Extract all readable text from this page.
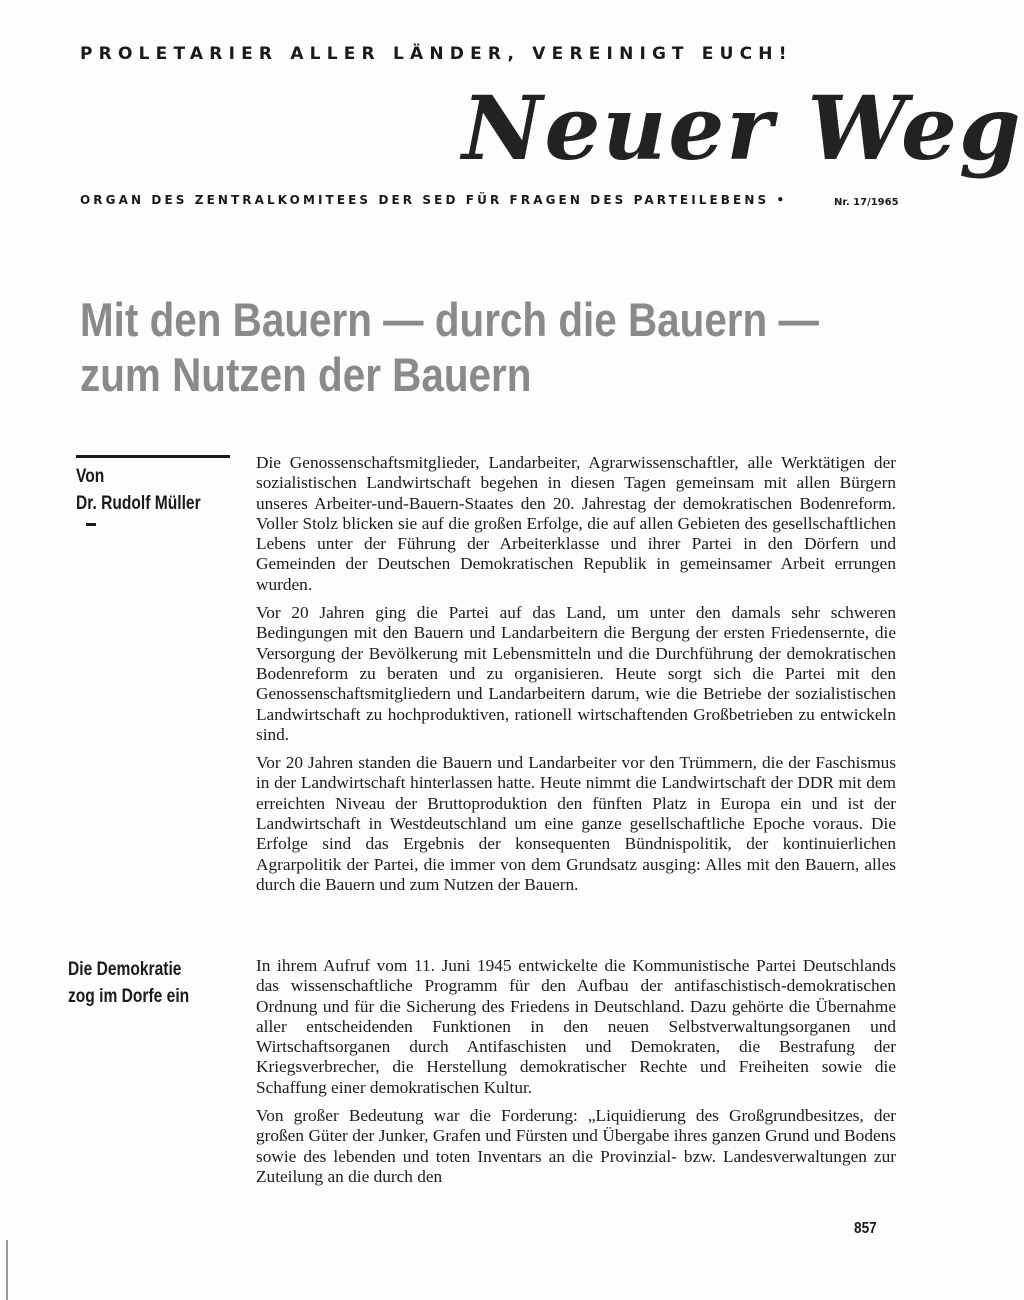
PROLETARIER ALLER LÄNDER, VEREINIGT EUCH!
Neuer Weg
ORGAN DES ZENTRALKOMITEES DER SED FÜR FRAGEN DES PARTEILEBENS •	Nr. 17/1965
Mit den Bauern — durch die Bauern —
zum Nutzen der Bauern
Von
Dr. Rudolf Müller

Die Genossenschaftsmitglieder, Landarbeiter, Agrarwissenschaftler, alle Werktätigen der sozialistischen Landwirtschaft begehen in diesen Tagen gemeinsam mit allen Bürgern unseres Arbeiter-und-Bauern-Staates den 20. Jahrestag der demokratischen Bodenreform. Voller Stolz blicken sie auf die großen Erfolge, die auf allen Gebieten des gesellschaftlichen Lebens unter der Führung der Arbeiterklasse und ihrer Partei in den Dörfern und Gemeinden der Deutschen Demokratischen Republik in gemeinsamer Arbeit errungen wurden.

Vor 20 Jahren ging die Partei auf das Land, um unter den damals sehr schweren Bedingungen mit den Bauern und Landarbeitern die Bergung der ersten Friedensernte, die Versorgung der Bevölkerung mit Lebensmitteln und die Durchführung der demokratischen Bodenreform zu beraten und zu organisieren. Heute sorgt sich die Partei mit den Genossenschaftsmitgliedern und Landarbeitern darum, wie die Betriebe der sozialistischen Landwirtschaft zu hochproduktiven, rationell wirtschaftenden Großbetrieben zu entwickeln sind.

Vor 20 Jahren standen die Bauern und Landarbeiter vor den Trümmern, die der Faschismus in der Landwirtschaft hinterlassen hatte. Heute nimmt die Landwirtschaft der DDR mit dem erreichten Niveau der Bruttoproduktion den fünften Platz in Europa ein und ist der Landwirtschaft in Westdeutschland um eine ganze gesellschaftliche Epoche voraus. Die Erfolge sind das Ergebnis der konsequenten Bündnispolitik, der kontinuierlichen Agrarpolitik der Partei, die immer von dem Grundsatz ausging: Alles mit den Bauern, alles durch die Bauern und zum Nutzen der Bauern.

Die Demokratie
zog im Dorfe ein

In ihrem Aufruf vom 11. Juni 1945 entwickelte die Kommunistische Partei Deutschlands das wissenschaftliche Programm für den Aufbau der antifaschistisch-demokratischen Ordnung und für die Sicherung des Friedens in Deutschland. Dazu gehörte die Übernahme aller entscheidenden Funktionen in den neuen Selbstverwaltungsorganen und Wirtschaftsorganen durch Antifaschisten und Demokraten, die Bestrafung der Kriegsverbrecher, die Herstellung demokratischer Rechte und Freiheiten sowie die Schaffung einer demokratischen Kultur.

Von großer Bedeutung war die Forderung: „Liquidierung des Großgrundbesitzes, der großen Güter der Junker, Grafen und Fürsten und Übergabe ihres ganzen Grund und Bodens sowie des lebenden und toten Inventars an die Provinzial- bzw. Landesverwaltungen zur Zuteilung an die durch den

857
